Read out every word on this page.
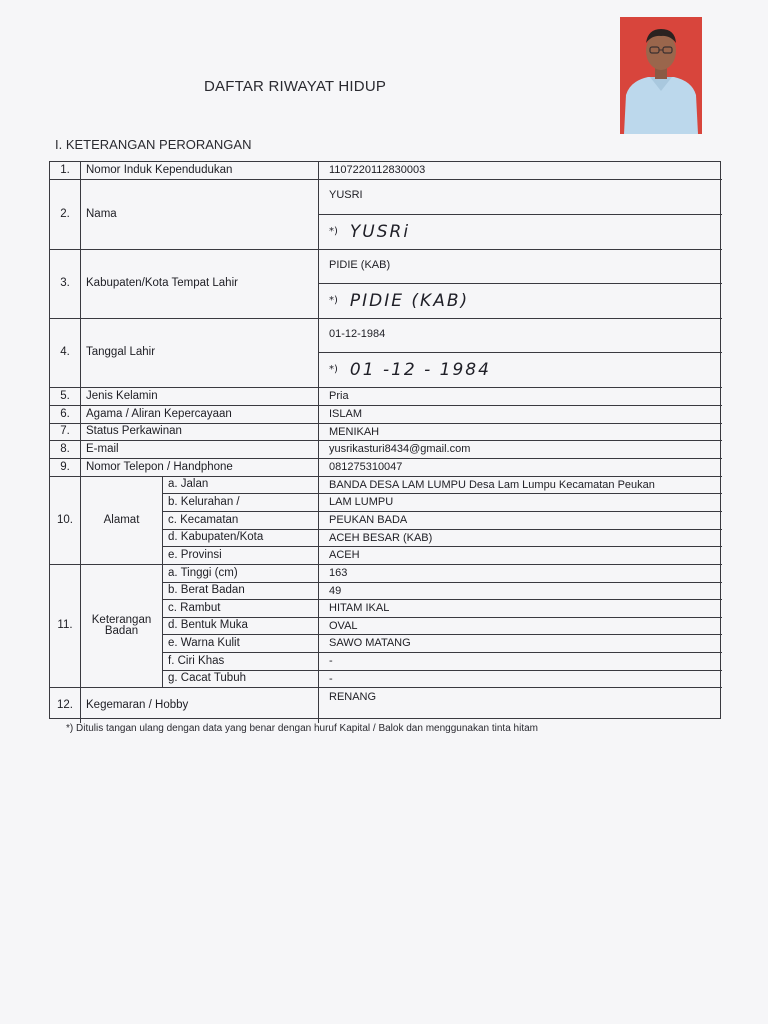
DAFTAR RIWAYAT HIDUP
I. KETERANGAN PERORANGAN
1.	Nomor Induk Kependudukan	1107220112830003
2.	Nama
YUSRI
*) YUSRi
3.	Kabupaten/Kota Tempat Lahir
PIDIE (KAB)
*) PIDIE (KAB)
4.	Tanggal Lahir
01-12-1984
*) 01 -12 - 1984
5.	Jenis Kelamin	Pria
6.	Agama / Aliran Kepercayaan	ISLAM
7.	Status Perkawinan	MENIKAH
8.	E-mail	yusrikasturi8434@gmail.com
9.	Nomor Telepon / Handphone	081275310047
10.	Alamat
a. Jalan	BANDA DESA LAM LUMPU Desa Lam Lumpu Kecamatan Peukan
b. Kelurahan /	LAM LUMPU
c. Kecamatan	PEUKAN BADA
d. Kabupaten/Kota	ACEH BESAR (KAB)
e. Provinsi	ACEH
11.	Keterangan Badan
a. Tinggi (cm)	163
b. Berat Badan	49
c. Rambut	HITAM IKAL
d. Bentuk Muka	OVAL
e. Warna Kulit	SAWO MATANG
f. Ciri Khas	-
g. Cacat Tubuh	-
12.	Kegemaran / Hobby
RENANG
*) Ditulis tangan ulang dengan data yang benar dengan huruf Kapital / Balok dan menggunakan tinta hitam
